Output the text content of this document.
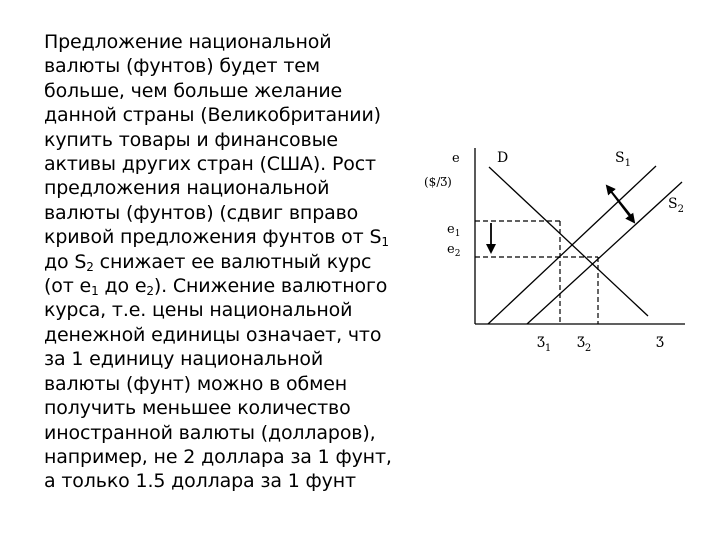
Предложение национальной
валюты (фунтов) будет тем
больше, чем больше желание
данной страны (Великобритании)
купить товары и финансовые
активы других стран (США). Рост
предложения национальной
валюты (фунтов) (сдвиг вправо
кривой предложения фунтов от $S_1$
до $S_2$ снижает ее валютный курс
(от $e_1$ до $e_2$). Снижение валютного
курса, т.е. цены национальной
денежной единицы означает, что
за 1 единицу национальной
валюты (фунт) можно в обмен
получить меньшее количество
иностранной валюты (долларов),
например, не 2 доллара за 1 фунт,
а только 1.5 доллара за 1 фунт
e
($/Ʒ)
D	$S_1$
$S_2$
$e_1$
$e_2$
$Ʒ_1$ $Ʒ_2$	Ʒ
